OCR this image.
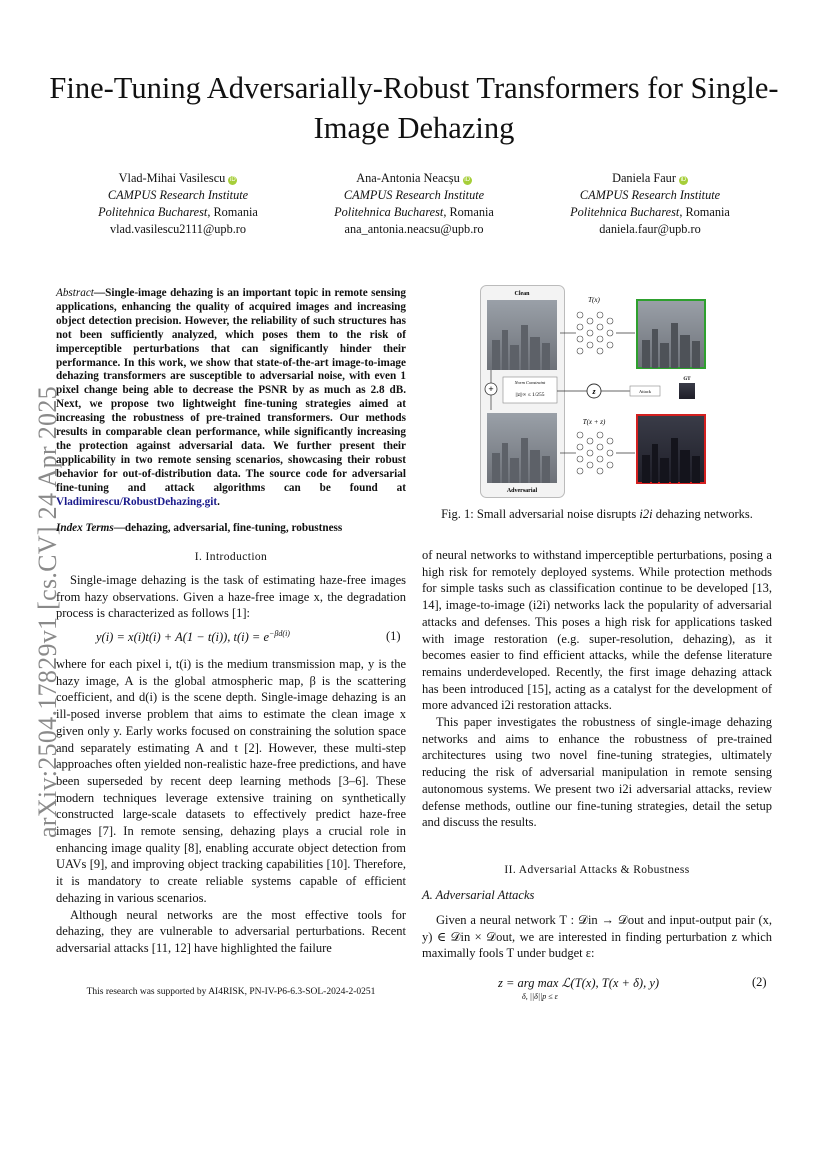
arXiv:2504.17829v1 [cs.CV] 24 Apr 2025
Fine-Tuning Adversarially-Robust Transformers for Single-Image Dehazing
Vlad-Mihai Vasilescu iD
CAMPUS Research Institute
Politehnica Bucharest, Romania
vlad.vasilescu2111@upb.ro
Ana-Antonia Neacșu iD
CAMPUS Research Institute
Politehnica Bucharest, Romania
ana_antonia.neacsu@upb.ro
Daniela Faur iD
CAMPUS Research Institute
Politehnica Bucharest, Romania
daniela.faur@upb.ro
Abstract—Single-image dehazing is an important topic in remote sensing applications, enhancing the quality of acquired images and increasing object detection precision. However, the reliability of such structures has not been sufficiently analyzed, which poses them to the risk of imperceptible perturbations that can significantly hinder their performance. In this work, we show that state-of-the-art image-to-image dehazing transformers are susceptible to adversarial noise, with even 1 pixel change being able to decrease the PSNR by as much as 2.8 dB. Next, we propose two lightweight fine-tuning strategies aimed at increasing the robustness of pre-trained transformers. Our methods results in comparable clean performance, while significantly increasing the protection against adversarial data. We further present their applicability in two remote sensing scenarios, showcasing their robust behavior for out-of-distribution data. The source code for adversarial fine-tuning and attack algorithms can be found at Vladimirescu/RobustDehazing.git.
Index Terms—dehazing, adversarial, fine-tuning, robustness
I. Introduction

Single-image dehazing is the task of estimating haze-free images from hazy observations. Given a haze-free image x, the degradation process is characterized as follows [1]:

y(i) = x(i)t(i) + A(1 − t(i)), $t(i) = e^{-\beta d(i)}$	(1)

where for each pixel i, t(i) is the medium transmission map, y is the hazy image, A is the global atmospheric map, β is the scattering coefficient, and d(i) is the scene depth. Single-image dehazing is an ill-posed inverse problem that aims to estimate the clean image x given only y. Early works focused on constraining the solution space and separately estimating A and t [2]. However, these multi-step approaches often yielded non-realistic haze-free predictions, and have been superseded by recent deep learning methods [3–6]. These modern techniques leverage extensive training on synthetically constructed large-scale datasets to effectively predict haze-free images [7]. In remote sensing, dehazing plays a crucial role in enhancing image quality [8], enabling accurate object detection from UAVs [9], and improving object tracking capabilities [10]. Therefore, it is mandatory to create reliable systems capable of efficient dehazing in various scenarios.

Although neural networks are the most effective tools for dehazing, they are vulnerable to adversarial perturbations. Recent adversarial attacks [11, 12] have highlighted the failure

This research was supported by AI4RISK, PN-IV-P6-6.3-SOL-2024-2-0251
Clean
+
Norm Constraint
||z||∞ ≤ 1/255
Adversarial
T(x)
T(x + z)
z	Attack
GT
Fig. 1: Small adversarial noise disrupts i2i dehazing networks.

of neural networks to withstand imperceptible perturbations, posing a high risk for remotely deployed systems. While protection methods for simple tasks such as classification continue to be developed [13, 14], image-to-image (i2i) networks lack the popularity of adversarial attacks and defenses. This poses a high risk for applications tasked with image restoration (e.g. super-resolution, dehazing), as it becomes easier to find efficient attacks, while the defense literature remains underdeveloped. Recently, the first image dehazing attack has been introduced [15], acting as a catalyst for the development of more advanced i2i restoration attacks.

This paper investigates the robustness of single-image dehazing networks and aims to enhance the robustness of pre-trained architectures using two novel fine-tuning strategies, ultimately reducing the risk of adversarial manipulation in remote sensing autonomous systems. We present two i2i adversarial attacks, review defense methods, outline our fine-tuning strategies, detail the setup and discuss the results.

II. Adversarial Attacks & Robustness
A. Adversarial Attacks

Given a neural network T : 𝒟in → 𝒟out and input-output pair (x, y) ∈ 𝒟in × 𝒟out, we are interested in finding perturbation z which maximally fools T under budget ε:

z = arg max ℒ(T(x), T(x + δ), y)
δ, ||δ||p ≤ ε
(2)
